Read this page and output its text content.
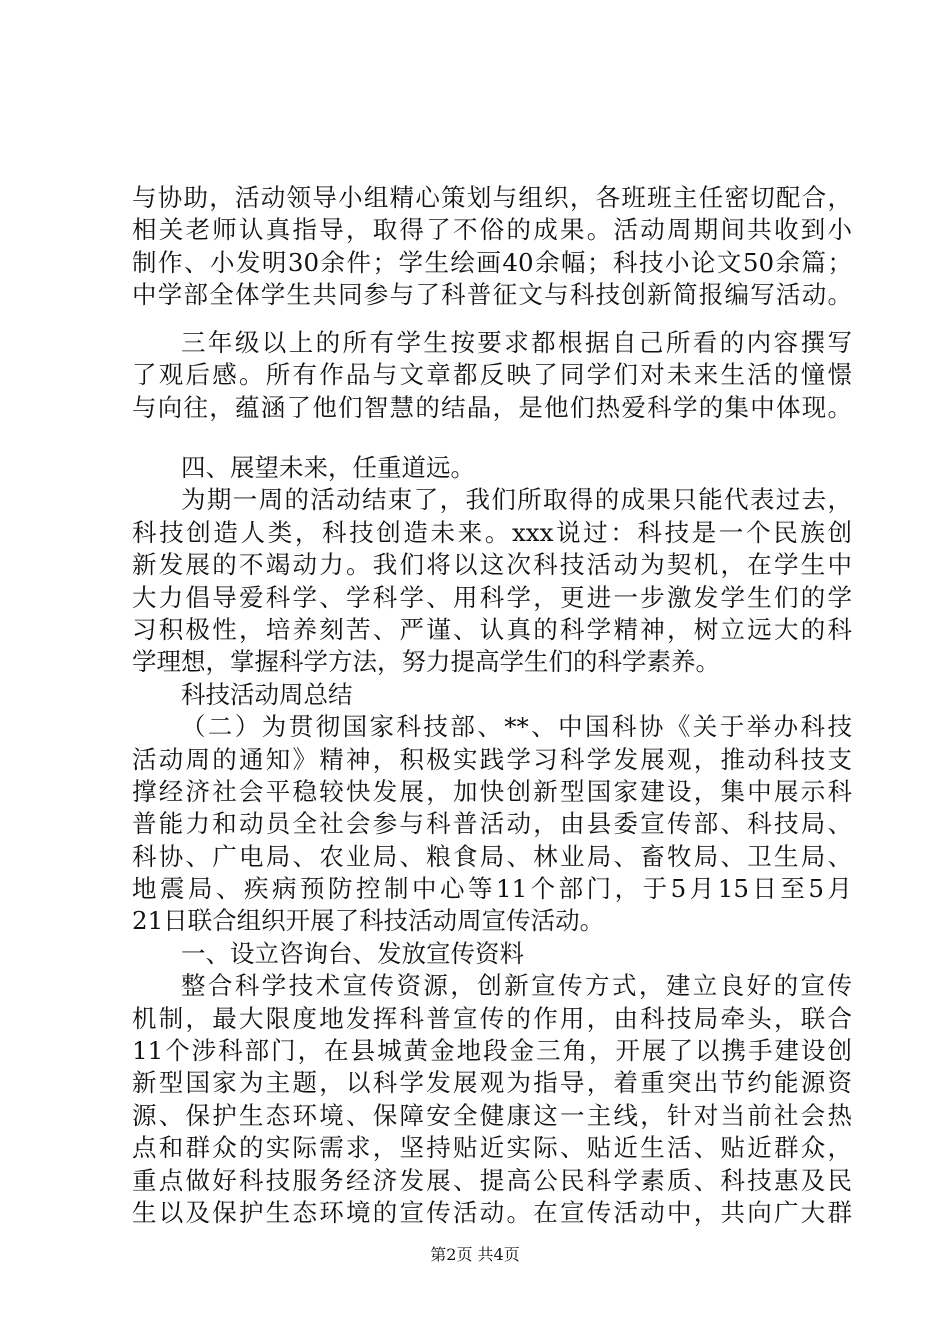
与协助，活动领导小组精心策划与组织，各班班主任密切配合，
相关老师认真指导，取得了不俗的成果。活动周期间共收到小
制作、小发明30余件；学生绘画40余幅；科技小论文50余篇；
中学部全体学生共同参与了科普征文与科技创新简报编写活动。
三年级以上的所有学生按要求都根据自己所看的内容撰写
了观后感。所有作品与文章都反映了同学们对未来生活的憧憬
与向往，蕴涵了他们智慧的结晶，是他们热爱科学的集中体现。
四、展望未来，任重道远。
为期一周的活动结束了，我们所取得的成果只能代表过去，
科技创造人类，科技创造未来。xxx说过：科技是一个民族创
新发展的不竭动力。我们将以这次科技活动为契机，在学生中
大力倡导爱科学、学科学、用科学，更进一步激发学生们的学
习积极性，培养刻苦、严谨、认真的科学精神，树立远大的科
学理想，掌握科学方法，努力提高学生们的科学素养。
科技活动周总结
（二）为贯彻国家科技部、**、中国科协《关于举办科技
活动周的通知》精神，积极实践学习科学发展观，推动科技支
撑经济社会平稳较快发展，加快创新型国家建设，集中展示科
普能力和动员全社会参与科普活动，由县委宣传部、科技局、
科协、广电局、农业局、粮食局、林业局、畜牧局、卫生局、
地震局、疾病预防控制中心等11个部门，于5月15日至5月
21日联合组织开展了科技活动周宣传活动。
一、设立咨询台、发放宣传资料
整合科学技术宣传资源，创新宣传方式，建立良好的宣传
机制，最大限度地发挥科普宣传的作用，由科技局牵头，联合
11个涉科部门，在县城黄金地段金三角，开展了以携手建设创
新型国家为主题，以科学发展观为指导，着重突出节约能源资
源、保护生态环境、保障安全健康这一主线，针对当前社会热
点和群众的实际需求，坚持贴近实际、贴近生活、贴近群众，
重点做好科技服务经济发展、提高公民科学素质、科技惠及民
生以及保护生态环境的宣传活动。在宣传活动中，共向广大群
第2页 共4页
